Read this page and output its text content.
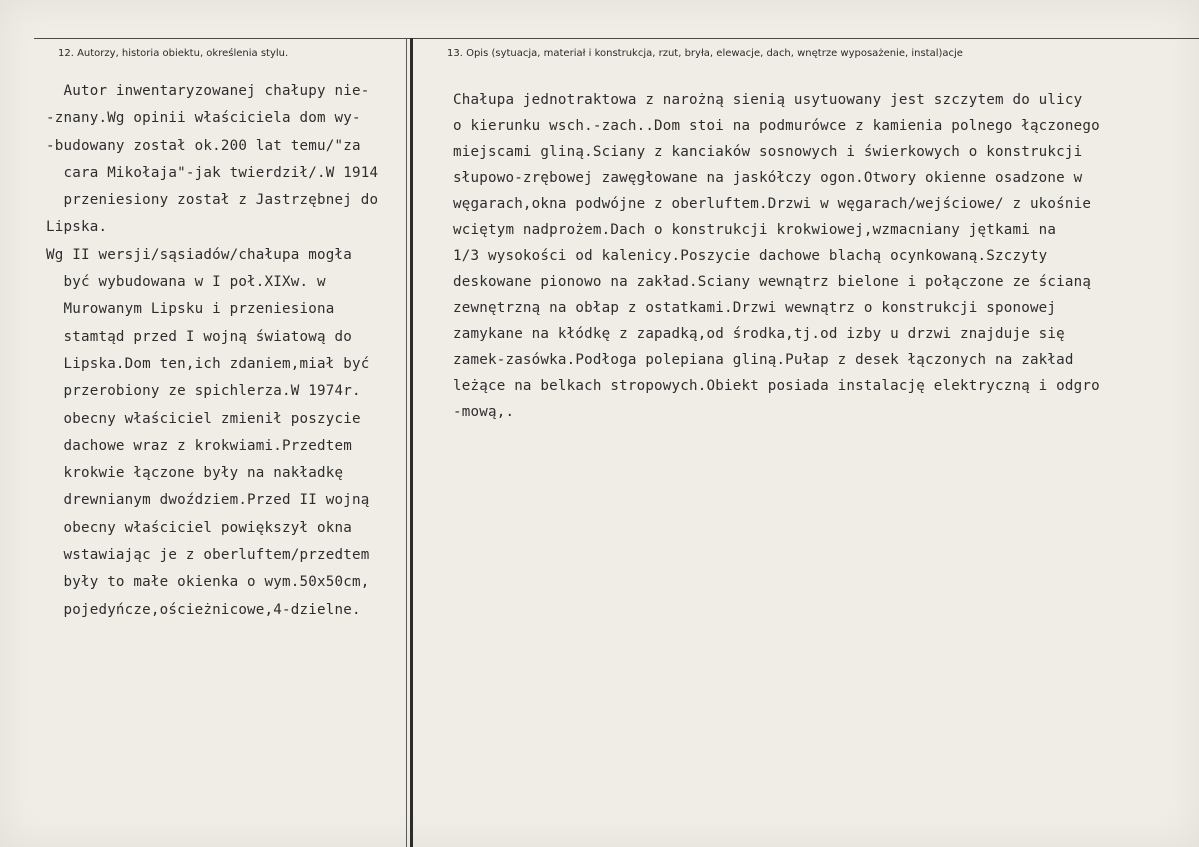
12. Autorzy, historia obiektu, określenia stylu.	13. Opis (sytuacja, materiał i konstrukcja, rzut, bryła, elewacje, dach, wnętrze wyposażenie, instal)acje
Autor inwentaryzowanej chałupy nie-
-znany.Wg opinii właściciela dom wy-
-budowany został ok.200 lat temu/"za
cara Mikołaja"-jak twierdził/.W 1914
przeniesiony został z Jastrzębnej do
Lipska.
Wg II wersji/sąsiadów/chałupa mogła
być wybudowana w I poł.XIXw. w
Murowanym Lipsku i przeniesiona
stamtąd przed I wojną światową do
Lipska.Dom ten,ich zdaniem,miał być
przerobiony ze spichlerza.W 1974r.
obecny właściciel zmienił poszycie
dachowe wraz z krokwiami.Przedtem
krokwie łączone były na nakładkę
drewnianym dwoździem.Przed II wojną
obecny właściciel powiększył okna
wstawiając je z oberluftem/przedtem
były to małe okienka o wym.50x50cm,
pojedyńcze,ościeżnicowe,4-dzielne.
Chałupa jednotraktowa z narożną sienią usytuowany jest szczytem do ulicy
o kierunku wsch.-zach..Dom stoi na podmurówce z kamienia polnego łączonego
miejscami gliną.Sciany z kanciaków sosnowych i świerkowych o konstrukcji
słupowo-zrębowej zawęgłowane na jaskółczy ogon.Otwory okienne osadzone w
węgarach,okna podwójne z oberluftem.Drzwi w węgarach/wejściowe/ z ukośnie
wciętym nadprożem.Dach o konstrukcji krokwiowej,wzmacniany jętkami na
1/3 wysokości od kalenicy.Poszycie dachowe blachą ocynkowaną.Szczyty
deskowane pionowo na zakład.Sciany wewnątrz bielone i połączone ze ścianą
zewnętrzną na obłap z ostatkami.Drzwi wewnątrz o konstrukcji sponowej
zamykane na kłódkę z zapadką,od środka,tj.od izby u drzwi znajduje się
zamek-zasówka.Podłoga polepiana gliną.Pułap z desek łączonych na zakład
leżące na belkach stropowych.Obiekt posiada instalację elektryczną i odgro
-mową,.
